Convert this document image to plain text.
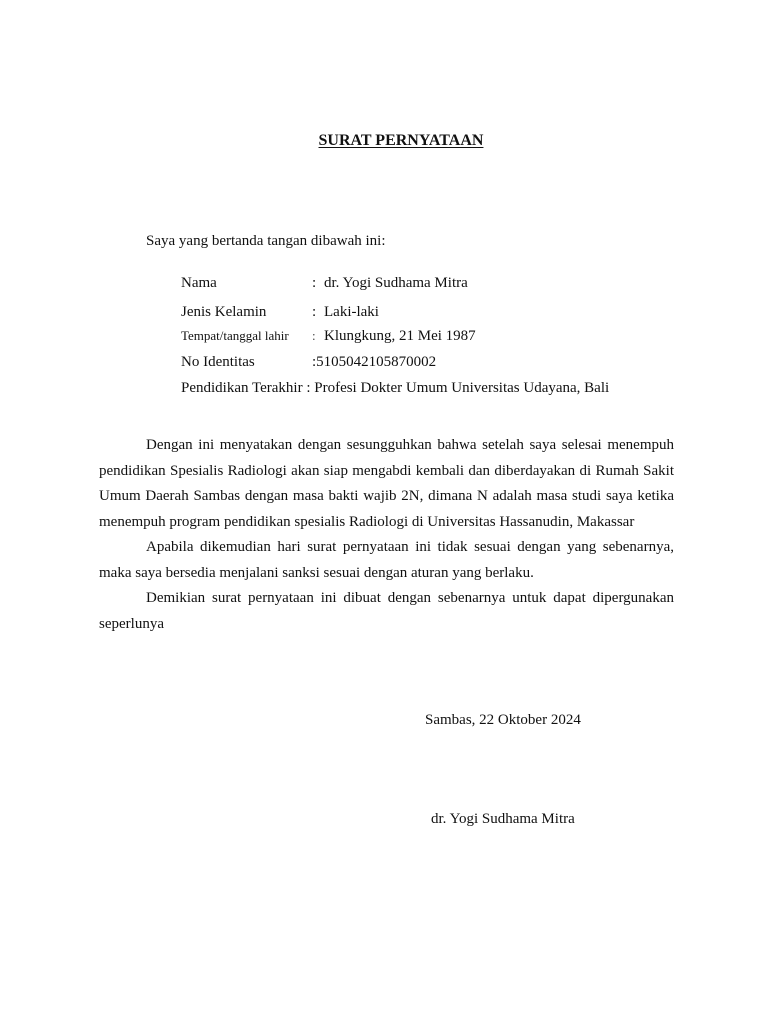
SURAT PERNYATAAN

Saya yang bertanda tangan dibawah ini:

Nama	: dr. Yogi Sudhama Mitra
Jenis Kelamin	: Laki-laki
Tempat/tanggal lahir : Klungkung, 21 Mei 1987
No Identitas	:5105042105870002
Pendidikan Terakhir : Profesi Dokter Umum Universitas Udayana, Bali

Dengan ini menyatakan dengan sesungguhkan bahwa setelah saya selesai menempuh pendidikan Spesialis Radiologi akan siap mengabdi kembali dan diberdayakan di Rumah Sakit Umum Daerah Sambas dengan masa bakti wajib 2N, dimana N adalah masa studi saya ketika menempuh program pendidikan spesialis Radiologi di Universitas Hassanudin, Makassar

Apabila dikemudian hari surat pernyataan ini tidak sesuai dengan yang sebenarnya, maka saya bersedia menjalani sanksi sesuai dengan aturan yang berlaku.

Demikian surat pernyataan ini dibuat dengan sebenarnya untuk dapat dipergunakan seperlunya

Sambas, 22 Oktober 2024

dr. Yogi Sudhama Mitra
